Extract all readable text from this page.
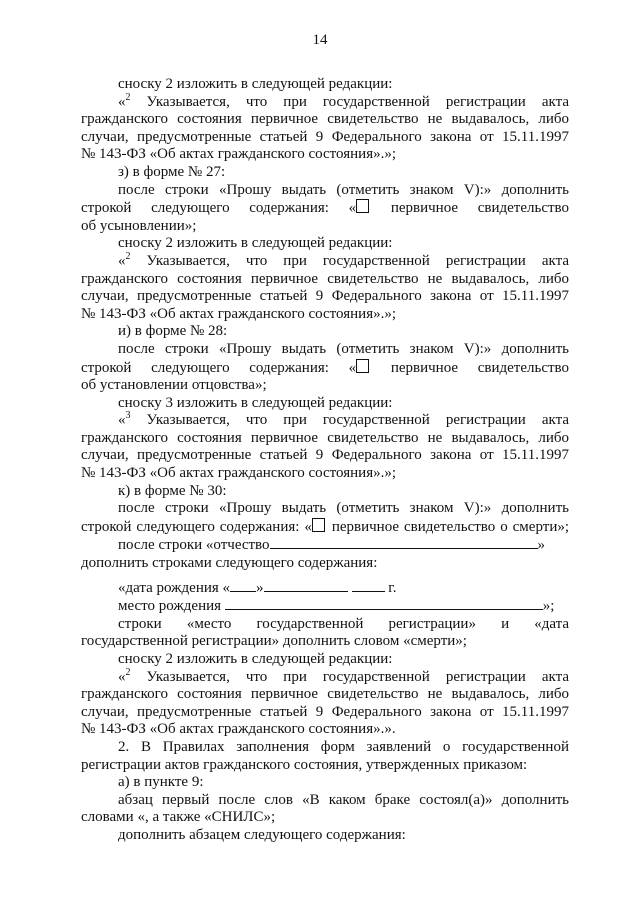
14
сноску 2 изложить в следующей редакции:
«$^2$ Указывается, что при государственной регистрации акта
гражданского состояния первичное свидетельство не выдавалось, либо
случаи, предусмотренные статьей 9 Федерального закона от 15.11.1997
№ 143-ФЗ «Об актах гражданского состояния».»;
з) в форме № 27:
после строки «Прошу выдать (отметить знаком V):» дополнить
строкой следующего содержания: « первичное свидетельство
об усыновлении»;
сноску 2 изложить в следующей редакции:
«$^2$ Указывается, что при государственной регистрации акта
гражданского состояния первичное свидетельство не выдавалось, либо
случаи, предусмотренные статьей 9 Федерального закона от 15.11.1997
№ 143-ФЗ «Об актах гражданского состояния».»;
и) в форме № 28:
после строки «Прошу выдать (отметить знаком V):» дополнить
строкой следующего содержания: « первичное свидетельство
об установлении отцовства»;
сноску 3 изложить в следующей редакции:
«$^3$ Указывается, что при государственной регистрации акта
гражданского состояния первичное свидетельство не выдавалось, либо
случаи, предусмотренные статьей 9 Федерального закона от 15.11.1997
№ 143-ФЗ «Об актах гражданского состояния».»;
к) в форме № 30:
после строки «Прошу выдать (отметить знаком V):» дополнить
строкой следующего содержания: « первичное свидетельство о смерти»;
после строки «отчество	»
дополнить строками следующего содержания:
«дата рождения « »	г.
место рождения	»;
строки «место государственной регистрации» и «дата
государственной регистрации» дополнить словом «смерти»;
сноску 2 изложить в следующей редакции:
«$^2$ Указывается, что при государственной регистрации акта
гражданского состояния первичное свидетельство не выдавалось, либо
случаи, предусмотренные статьей 9 Федерального закона от 15.11.1997
№ 143-ФЗ «Об актах гражданского состояния».».
2. В Правилах заполнения форм заявлений о государственной
регистрации актов гражданского состояния, утвержденных приказом:
а) в пункте 9:
абзац первый после слов «В каком браке состоял(а)» дополнить
словами «, а также «СНИЛС»;
дополнить абзацем следующего содержания:
